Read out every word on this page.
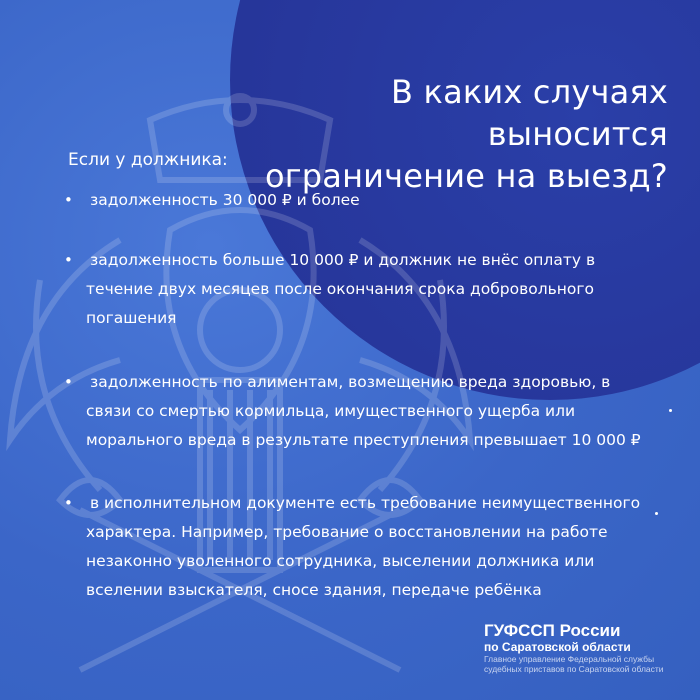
В каких случаях выносится
ограничение на выезд?
Если у должника:
• задолженность 30 000 ₽ и более
• задолженность больше 10 000 ₽ и должник не внёс оплату в течение двух месяцев после окончания срока добровольного погашения
• задолженность по алиментам, возмещению вреда здоровью, в связи со смертью кормильца, имущественного ущерба или морального вреда в результате преступления превышает 10 000 ₽
• в исполнительном документе есть требование неимущественного характера. Например, требование о восстановлении на работе незаконно уволенного сотрудника, выселении должника или вселении взыскателя, сносе здания, передаче ребёнка
ГУФССП России
по Саратовской области
Главное управление Федеральной службы
судебных приставов по Саратовской области
